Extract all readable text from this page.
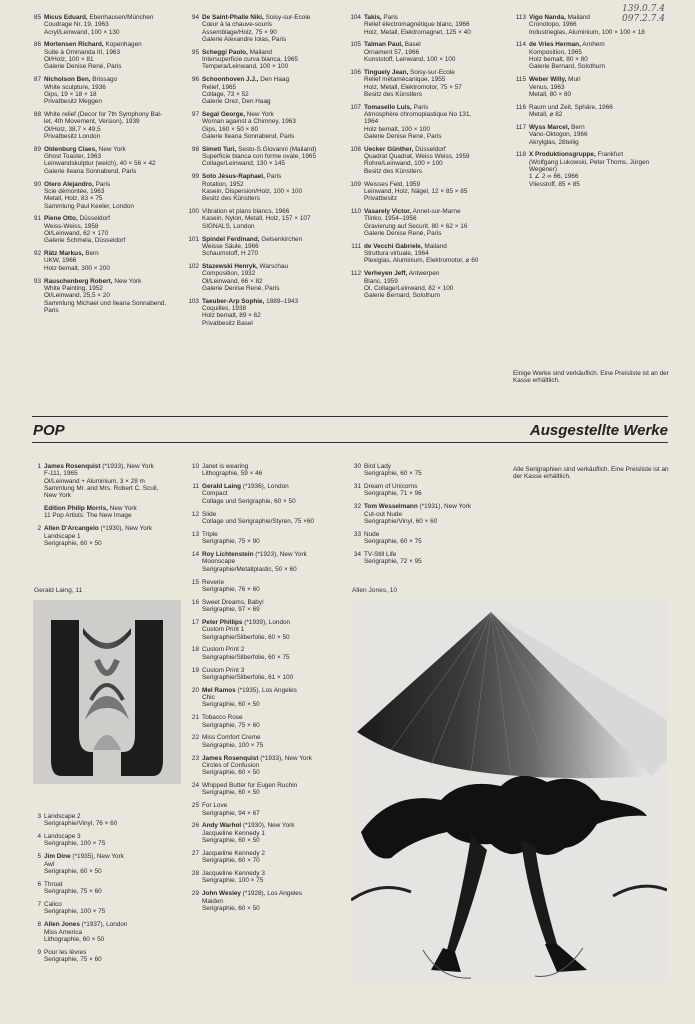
139.0.7.4
097.2.7.4
85 Micus Eduard, Ebenhausen/München
Coudrage Nr. 19, 1963
Acryl/Leinwand, 100 × 130
86 Mortensen Richard, Kopenhagen
Suite à Ominanda III, 1963
Öl/Holz, 100 × 81
Galerie Denise René, Paris
87 Nicholson Ben, Brissago
White sculpture, 1936
Gips, 19 × 18 × 18
Privatbesitz Meggen
88 White relief (Decor for 7th Symphony Bal-
let, 4th Movement, Version), 1939
Öl/Holz, 38,7 × 49,5
Privatbesitz London
89 Oldenburg Claes, New York
Ghost Toaster, 1963
Leinwandskulptur (weich), 40 × 56 × 42
Galerie Ileana Sonnabend, Paris
90 Otero Alejandro, Paris
Scie démontée, 1963
Metall, Holz, 83 × 75
Sammlung Paul Keeler, London
91 Piene Otto, Düsseldorf
Weiss-Weiss, 1958
Öl/Leinwand, 62 × 170
Galerie Schmela, Düsseldorf
92 Rätz Markus, Bern
UKW, 1966
Holz bemalt, 300 × 200
93 Rauschenberg Robert, New York
White Painting, 1952
Öl/Leinwand, 25,5 × 20
Sammlung Michael und Ileana Sonnabend,
Paris
94 De Saint-Phalle Niki, Soisy-sur-Ecole
Cœur à la chauve-souris
Assemblage/Holz, 75 × 90
Galerie Alexandre Iolas, Paris
95 Scheggi Paolo, Mailand
Intersuperficie curva bianca, 1965
Tempera/Leinwand, 100 × 100
96 Schoonhoven J.J., Den Haag
Relief, 1965
Collage, 73 × 52
Galerie Orez, Den Haag
97 Segal George, New York
Woman against a Chimney, 1963
Gips, 160 × 50 × 80
Galerie Ileana Sonnabend, Paris
98 Simeti Turi, Sesto-S.Giovanni (Mailand)
Superficie bianca con forme ovale, 1965
Collage/Leinwand, 130 × 145
99 Soto Jésus-Raphael, Paris
Rotation, 1952
Kasein, Dispersion/Holz, 100 × 100
Besitz des Künstlers
100 Vibration et plans blancs, 1966
Kasein, Nylon, Metall, Holz, 157 × 107
SIGNALS, London
101 Spindel Ferdinand, Gelsenkirchen
Weisse Säule, 1966
Schaumstoff, H 270
102 Stazewski Henryk, Warschau
Composition, 1932
Öl/Leinwand, 66 × 82
Galerie Denise René, Paris
103 Taeuber-Arp Sophie, 1889–1943
Coquilles, 1938
Holz bemalt, 89 × 62
Privatbesitz Basel
104 Takis, Paris
Relief électromagnétique blanc, 1966
Holz, Metall, Elektromagnet, 125 × 40
105 Talman Paul, Basel
Ornament 57, 1966
Kunststoff, Leinwand, 100 × 100
106 Tinguely Jean, Soisy-sur-Ecole
Relief métamécanique, 1955
Holz, Metall, Elektromotor, 75 × 57
Besitz des Künstlers
107 Tomasello Luis, Paris
Atmosphère chromoplastique No 131,
1964
Holz bemalt, 100 × 100
Galerie Denise René, Paris
108 Uecker Günther, Düsseldorf
Quadrat Quadrat, Weiss Weiss, 1959
Rohre/Leinwand, 100 × 100
Besitz des Künstlers
109 Weisses Feld, 1959
Leinwand, Holz, Nägel, 12 × 85 × 85
Privatbesitz
110 Vasarely Victor, Annet-sur-Marne
Tlinko, 1954–1956
Gravierung auf Securit, 80 × 62 × 16
Galerie Denise René, Paris
111 de Vecchi Gabriele, Mailand
Struttura virtuale, 1964
Plexiglas, Aluminium, Elektromotor, ⌀ 60
112 Verheyen Jeff, Antwerpen
Blanc, 1959
Öl, Collage/Leinwand, 82 × 100
Galerie Bernard, Solothurn
113 Vigo Nanda, Mailand
Cronotopo, 1966
Industrieglas, Aluminium, 100 × 100 × 18
114 de Vries Herman, Arnhem
Komposition, 1965
Holz bemalt, 80 × 80
Galerie Bernard, Solothurn
115 Weber Willy, Muri
Venus, 1963
Metall, 80 × 80
116 Raum und Zeit, Sphäre, 1966
Metall, ⌀ 82
117 Wyss Marcel, Bern
Vano-Oktogon, 1966
Akrylglas, 28teilig
118 X Produktionsgruppe, Frankfurt
(Wolfgang Lukowski, Peter Thoms, Jürgen
Wegener)
1 ∠ 2 ∞ 66, 1966
Vliesstoff, 85 × 85
Einige Werke sind verkäuflich. Eine Preisliste ist an der Kasse erhältlich.
POP	Ausgestellte Werke
1 James Rosenquist (*1933), New York
F-111, 1965
Öl/Leinwand + Aluminium, 3 × 28 m
Sammlung Mr. and Mrs. Robert C. Scull,
New York
Edition Philip Morris, New York
11 Pop Artists: The New Image
2 Allen D'Arcangelo (*1930), New York
Landscape 1
Serigraphie, 60 × 50
Gerald Laing, 11
3 Landscape 2
Serigraphie/Vinyl, 76 × 60
4 Landscape 3
Serigraphie, 100 × 75
5 Jim Dine (*1935), New York
Awl
Serigraphie, 60 × 50
6 Throat
Serigraphie, 75 × 60
7 Calico
Serigraphie, 100 × 75
8 Allen Jones (*1937), London
Miss America
Lithographie, 60 × 50
9 Pour les lèvres
Serigraphie, 75 × 60
10 Janet is wearing
Lithographie, 59 × 46
11 Gerald Laing (*1936), London
Compact
Collage und Serigraphie, 60 × 50
12 Slide
Collage und Serigraphie/Styren, 75 ×60
13 Triple
Serigraphie, 75 × 90
14 Roy Lichtenstein (*1923), New York
Moonscape
Serigraphie/Metallplastic, 50 × 60
15 Reverie
Serigraphie, 76 × 60
16 Sweet Dreams, Baby!
Serigraphie, 97 × 69
17 Peter Phillips (*1939), London
Custom Print 1
Serigraphie/Silberfolie, 60 × 50
18 Custom Print 2
Serigraphie/Silberfolie, 60 × 75
19 Custom Print 3
Serigraphie/Silberfolie, 61 × 100
20 Mel Ramos (*1935), Los Angeles
Chic
Serigraphie, 60 × 50
21 Tobacco Rose
Serigraphie, 75 × 60
22 Miss Comfort Creme
Serigraphie, 100 × 75
23 James Rosenquist (*1933), New York
Circles of Confusion
Serigraphie, 60 × 50
24 Whipped Butter for Eugen Ruchin
Serigraphie, 60 × 50
25 For Love
Serigraphie, 94 × 67
26 Andy Warhol (*1930), New York
Jacqueline Kennedy 1
Serigraphie, 60 × 50
27 Jacqueline Kennedy 2
Serigraphie, 60 × 70
28 Jacqueline Kennedy 3
Serigraphie, 100 × 75
29 John Wesley (*1928), Los Angeles
Maiden
Serigraphie, 60 × 50
30 Bird Lady
Serigraphie, 60 × 75
31 Dream of Unicorns
Serigraphie, 71 × 96
32 Tom Wesselmann (*1931), New York
Cut-out Nude
Serigraphie/Vinyl, 60 × 60
33 Nude
Serigraphie, 60 × 75
34 TV-Still Life
Serigraphie, 72 × 95
Alle Serigraphien sind verkäuflich. Eine Preisliste ist an der Kasse erhältlich.
Allen Jones, 10
